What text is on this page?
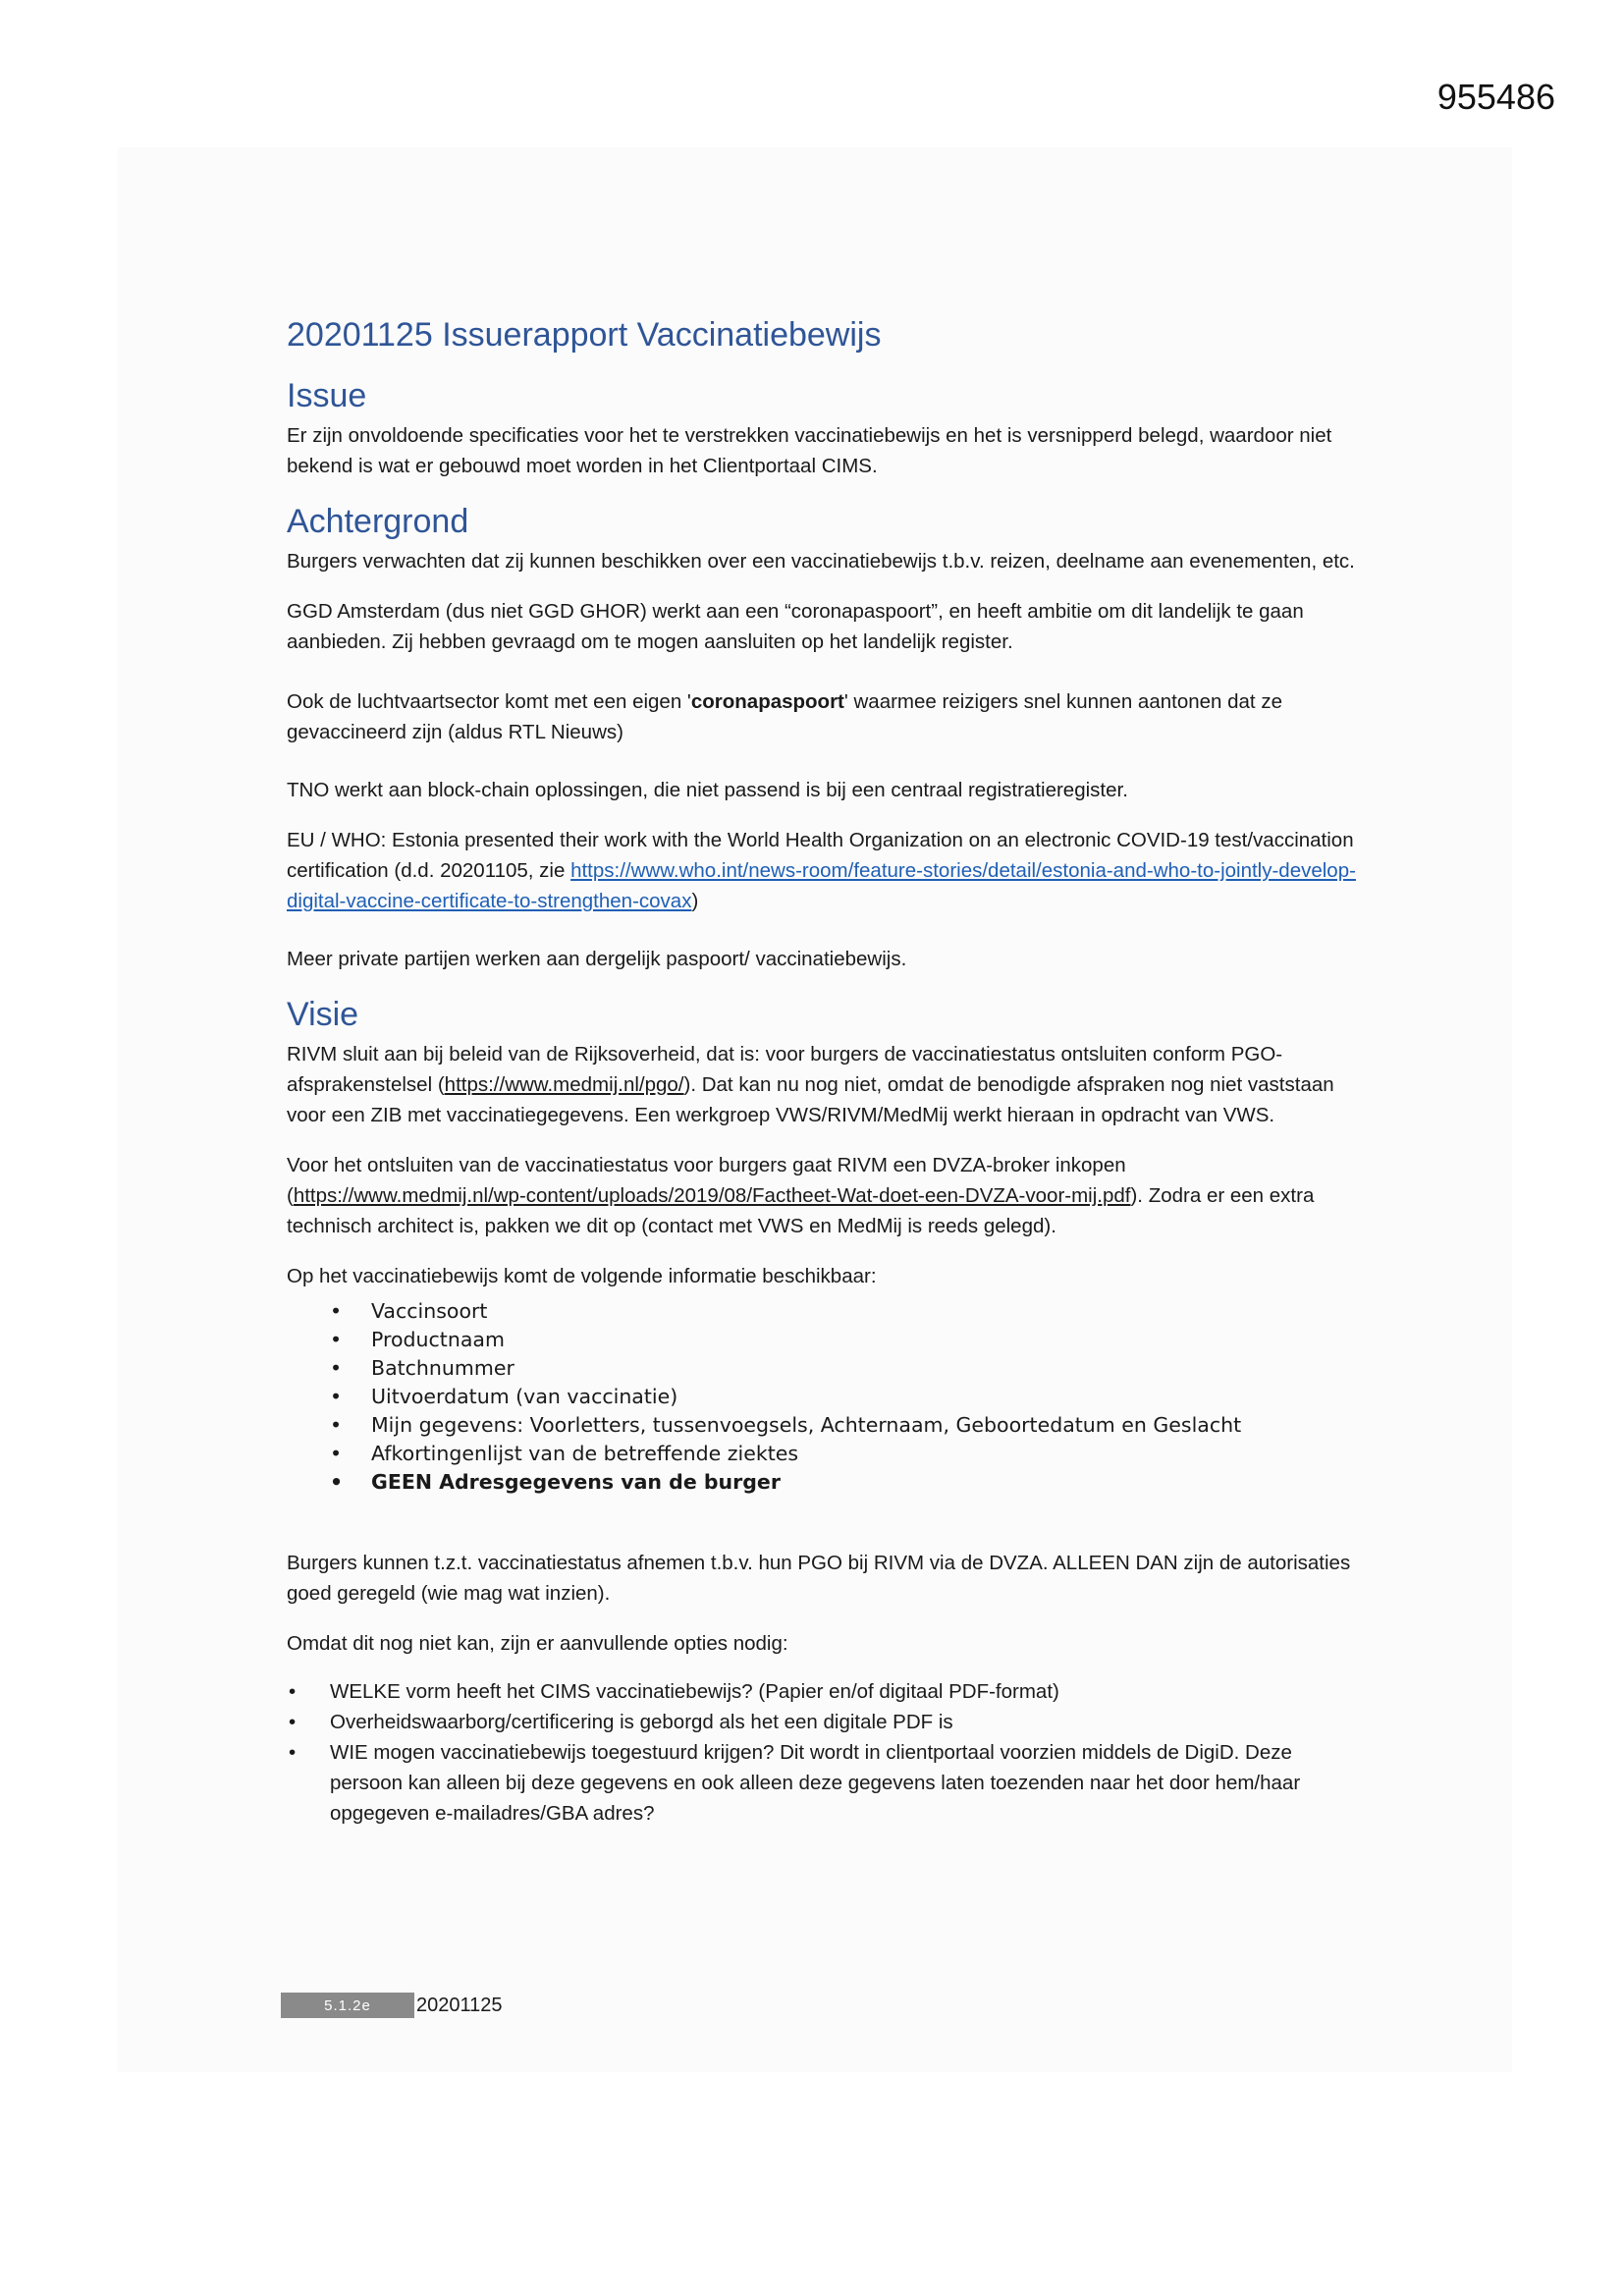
955486
20201125 Issuerapport Vaccinatiebewijs
Issue

Er zijn onvoldoende specificaties voor het te verstrekken vaccinatiebewijs en het is versnipperd belegd, waardoor niet bekend is wat er gebouwd moet worden in het Clientportaal CIMS.

Achtergrond

Burgers verwachten dat zij kunnen beschikken over een vaccinatiebewijs t.b.v. reizen, deelname aan evenementen, etc.

GGD Amsterdam (dus niet GGD GHOR) werkt aan een “coronapaspoort”, en heeft ambitie om dit landelijk te gaan aanbieden. Zij hebben gevraagd om te mogen aansluiten op het landelijk register.

Ook de luchtvaartsector komt met een eigen 'coronapaspoort' waarmee reizigers snel kunnen aantonen dat ze gevaccineerd zijn (aldus RTL Nieuws)

TNO werkt aan block-chain oplossingen, die niet passend is bij een centraal registratieregister.

EU / WHO: Estonia presented their work with the World Health Organization on an electronic COVID-19 test/vaccination certification (d.d. 20201105, zie https://www.who.int/news-room/feature-stories/detail/estonia-and-who-to-jointly-develop-digital-vaccine-certificate-to-strengthen-covax)

Meer private partijen werken aan dergelijk paspoort/ vaccinatiebewijs.

Visie

RIVM sluit aan bij beleid van de Rijksoverheid, dat is: voor burgers de vaccinatiestatus ontsluiten conform PGO-afsprakenstelsel (https://www.medmij.nl/pgo/). Dat kan nu nog niet, omdat de benodigde afspraken nog niet vaststaan voor een ZIB met vaccinatiegegevens. Een werkgroep VWS/RIVM/MedMij werkt hieraan in opdracht van VWS.

Voor het ontsluiten van de vaccinatiestatus voor burgers gaat RIVM een DVZA-broker inkopen (https://www.medmij.nl/wp-content/uploads/2019/08/Factheet-Wat-doet-een-DVZA-voor-mij.pdf). Zodra er een extra technisch architect is, pakken we dit op (contact met VWS en MedMij is reeds gelegd).

Op het vaccinatiebewijs komt de volgende informatie beschikbaar:

• Vaccinsoort
• Productnaam
• Batchnummer
• Uitvoerdatum (van vaccinatie)
• Mijn gegevens: Voorletters, tussenvoegsels, Achternaam, Geboortedatum en Geslacht
• Afkortingenlijst van de betreffende ziektes
• GEEN Adresgegevens van de burger

Burgers kunnen t.z.t. vaccinatiestatus afnemen t.b.v. hun PGO bij RIVM via de DVZA. ALLEEN DAN zijn de autorisaties goed geregeld (wie mag wat inzien).

Omdat dit nog niet kan, zijn er aanvullende opties nodig:

• WELKE vorm heeft het CIMS vaccinatiebewijs? (Papier en/of digitaal PDF-format)
• Overheidswaarborg/certificering is geborgd als het een digitale PDF is
• WIE mogen vaccinatiebewijs toegestuurd krijgen? Dit wordt in clientportaal voorzien middels de DigiD. Deze persoon kan alleen bij deze gegevens en ook alleen deze gegevens laten toezenden naar het door hem/haar opgegeven e-mailadres/GBA adres?
5.1.2e	20201125
